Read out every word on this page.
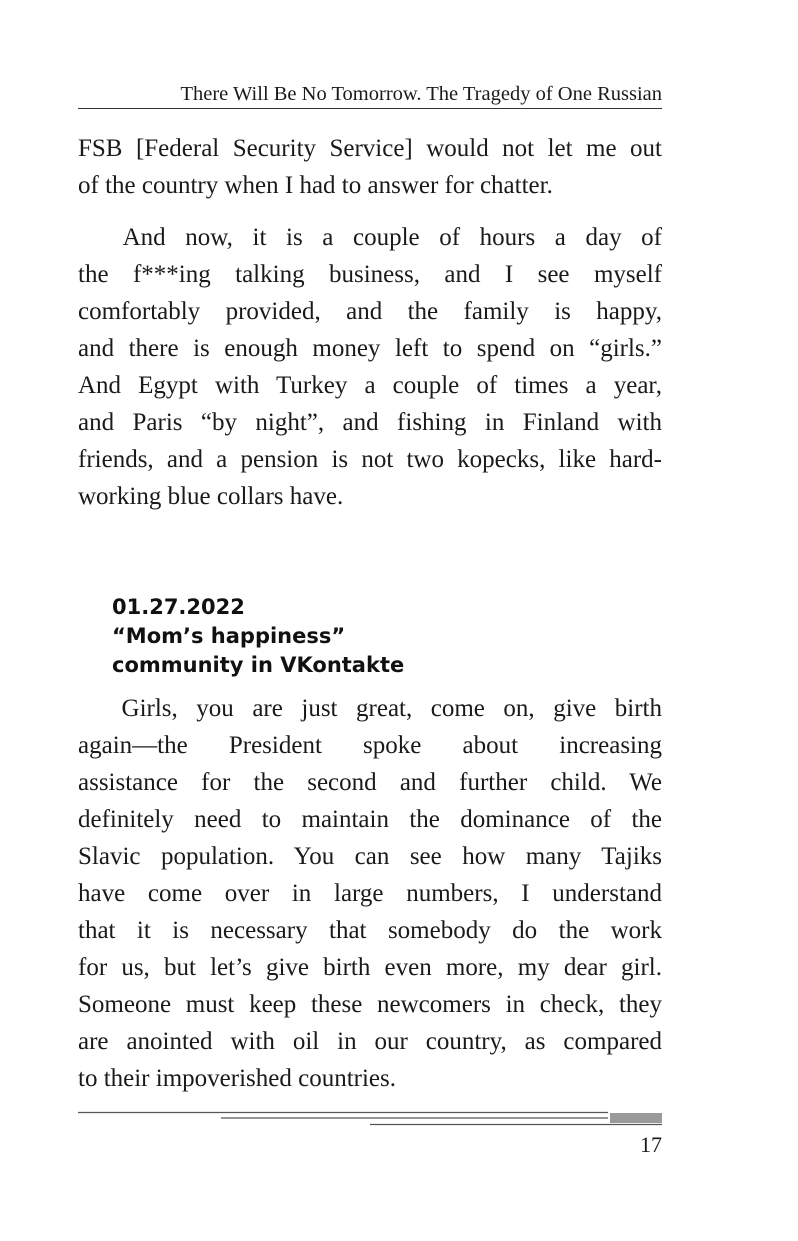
There Will Be No Tomorrow. The Tragedy of One Russian
FSB [Federal Security Service] would not let me out
of the country when I had to answer for chatter.
  And now, it is a couple of hours a day of
the f***ing talking business, and I see myself
comfortably provided, and the family is happy,
and there is enough money left to spend on “girls.”
And Egypt with Turkey a couple of times a year,
and Paris “by night”, and fishing in Finland with
friends, and a pension is not two kopecks, like hard-
working blue collars have.
01.27.2022
“Mom’s happiness”
community in VKontakte
  Girls, you are just great, come on, give birth
again—the President spoke about increasing
assistance for the second and further child. We
definitely need to maintain the dominance of the
Slavic population. You can see how many Tajiks
have come over in large numbers, I understand
that it is necessary that somebody do the work
for us, but let’s give birth even more, my dear girl.
Someone must keep these newcomers in check, they
are anointed with oil in our country, as compared
to their impoverished countries.
17
